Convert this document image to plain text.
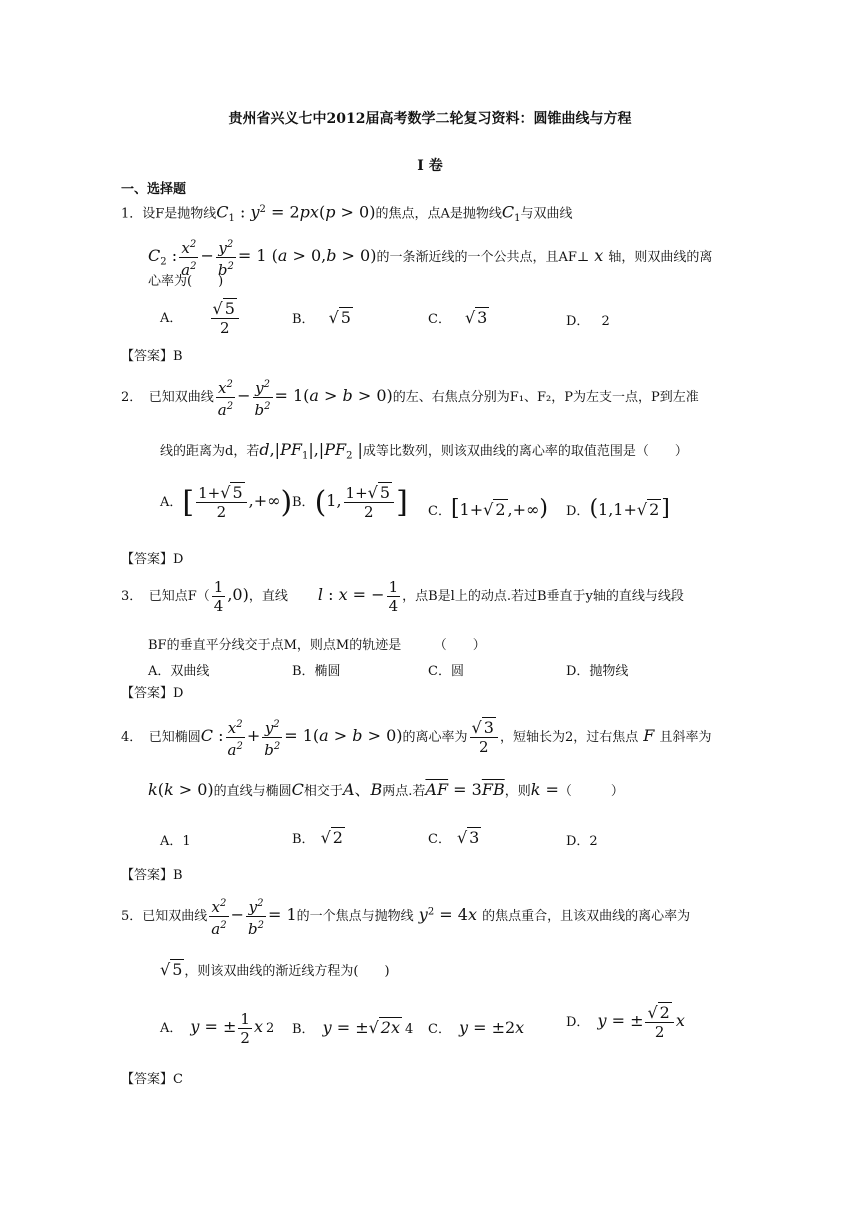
贵州省兴义七中2012届高考数学二轮复习资料：圆锥曲线与方程
I 卷
一、选择题
1．设F是抛物线$C_1$ : $y^2 = 2px(p > 0)$的焦点，点A是抛物线$C_1$与双曲线
$C_2$ : $\frac{x^2}{a^2} - \frac{y^2}{b^2} = 1$ (a > 0,b > 0)的一条渐近线的一个公共点，且AF⊥ x 轴，则双曲线的离
心率为(　　)
A． $\frac{√ 5}{2}$	B． √ 5	C． √ 3	D． 2
【答案】B
2．　已知双曲线 $\frac{x^2}{a^2} - \frac{y^2}{b^2} = 1(a > b > 0)$的左、右焦点分别为F₁、F₂，P为左支一点，P到左准
线的距离为d，若$d,|PF_1|,|PF_2$ |成等比数列，则该双曲线的离心率的取值范围是（　　）
A．[ $\frac{1+√ 5}{2}$ ,+∞) B．(1, $\frac{1+√ 5}{2}$ ] C．[1+√ 2 ,+∞) D．(1,1+√ 2]
【答案】D
3．　已知点$F( \frac{1}{4} ,0)$，直线 l : x = − $\frac{1}{4}$ ，点B是l上的动点.若过B垂直于y轴的直线与线段
BF的垂直平分线交于点M，则点M的轨迹是　　　（　　）
A．双曲线	B．椭圆	C．圆	D．抛物线
【答案】D
4．　已知椭圆C : $\frac{x^2}{a^2} + \frac{y^2}{b^2} = 1(a > b > 0)$的离心率为 $\frac{√ 3}{2}$ ，短轴长为2，过右焦点 F 且斜率为
k(k > 0)的直线与椭圆C相交于A、B两点.若$\overline{AF} = 3\overline{FB}$，则k =（　　　）
A．1	B． √ 2	C． √ 3	D．2
【答案】B
5．已知双曲线 $\frac{x^2}{a^2} - \frac{y^2}{b^2} = 1$的一个焦点与抛物线 $y^2 = 4x$ 的焦点重合，且该双曲线的离心率为
√ 5 ，则该双曲线的渐近线方程为(　　)
A． y = ± $\frac{1}{2}$ x 2 B． y = ±√ 2x 4 C． y = ±2x	D． y = ± $\frac{√ 2}{2}$ x
【答案】C
